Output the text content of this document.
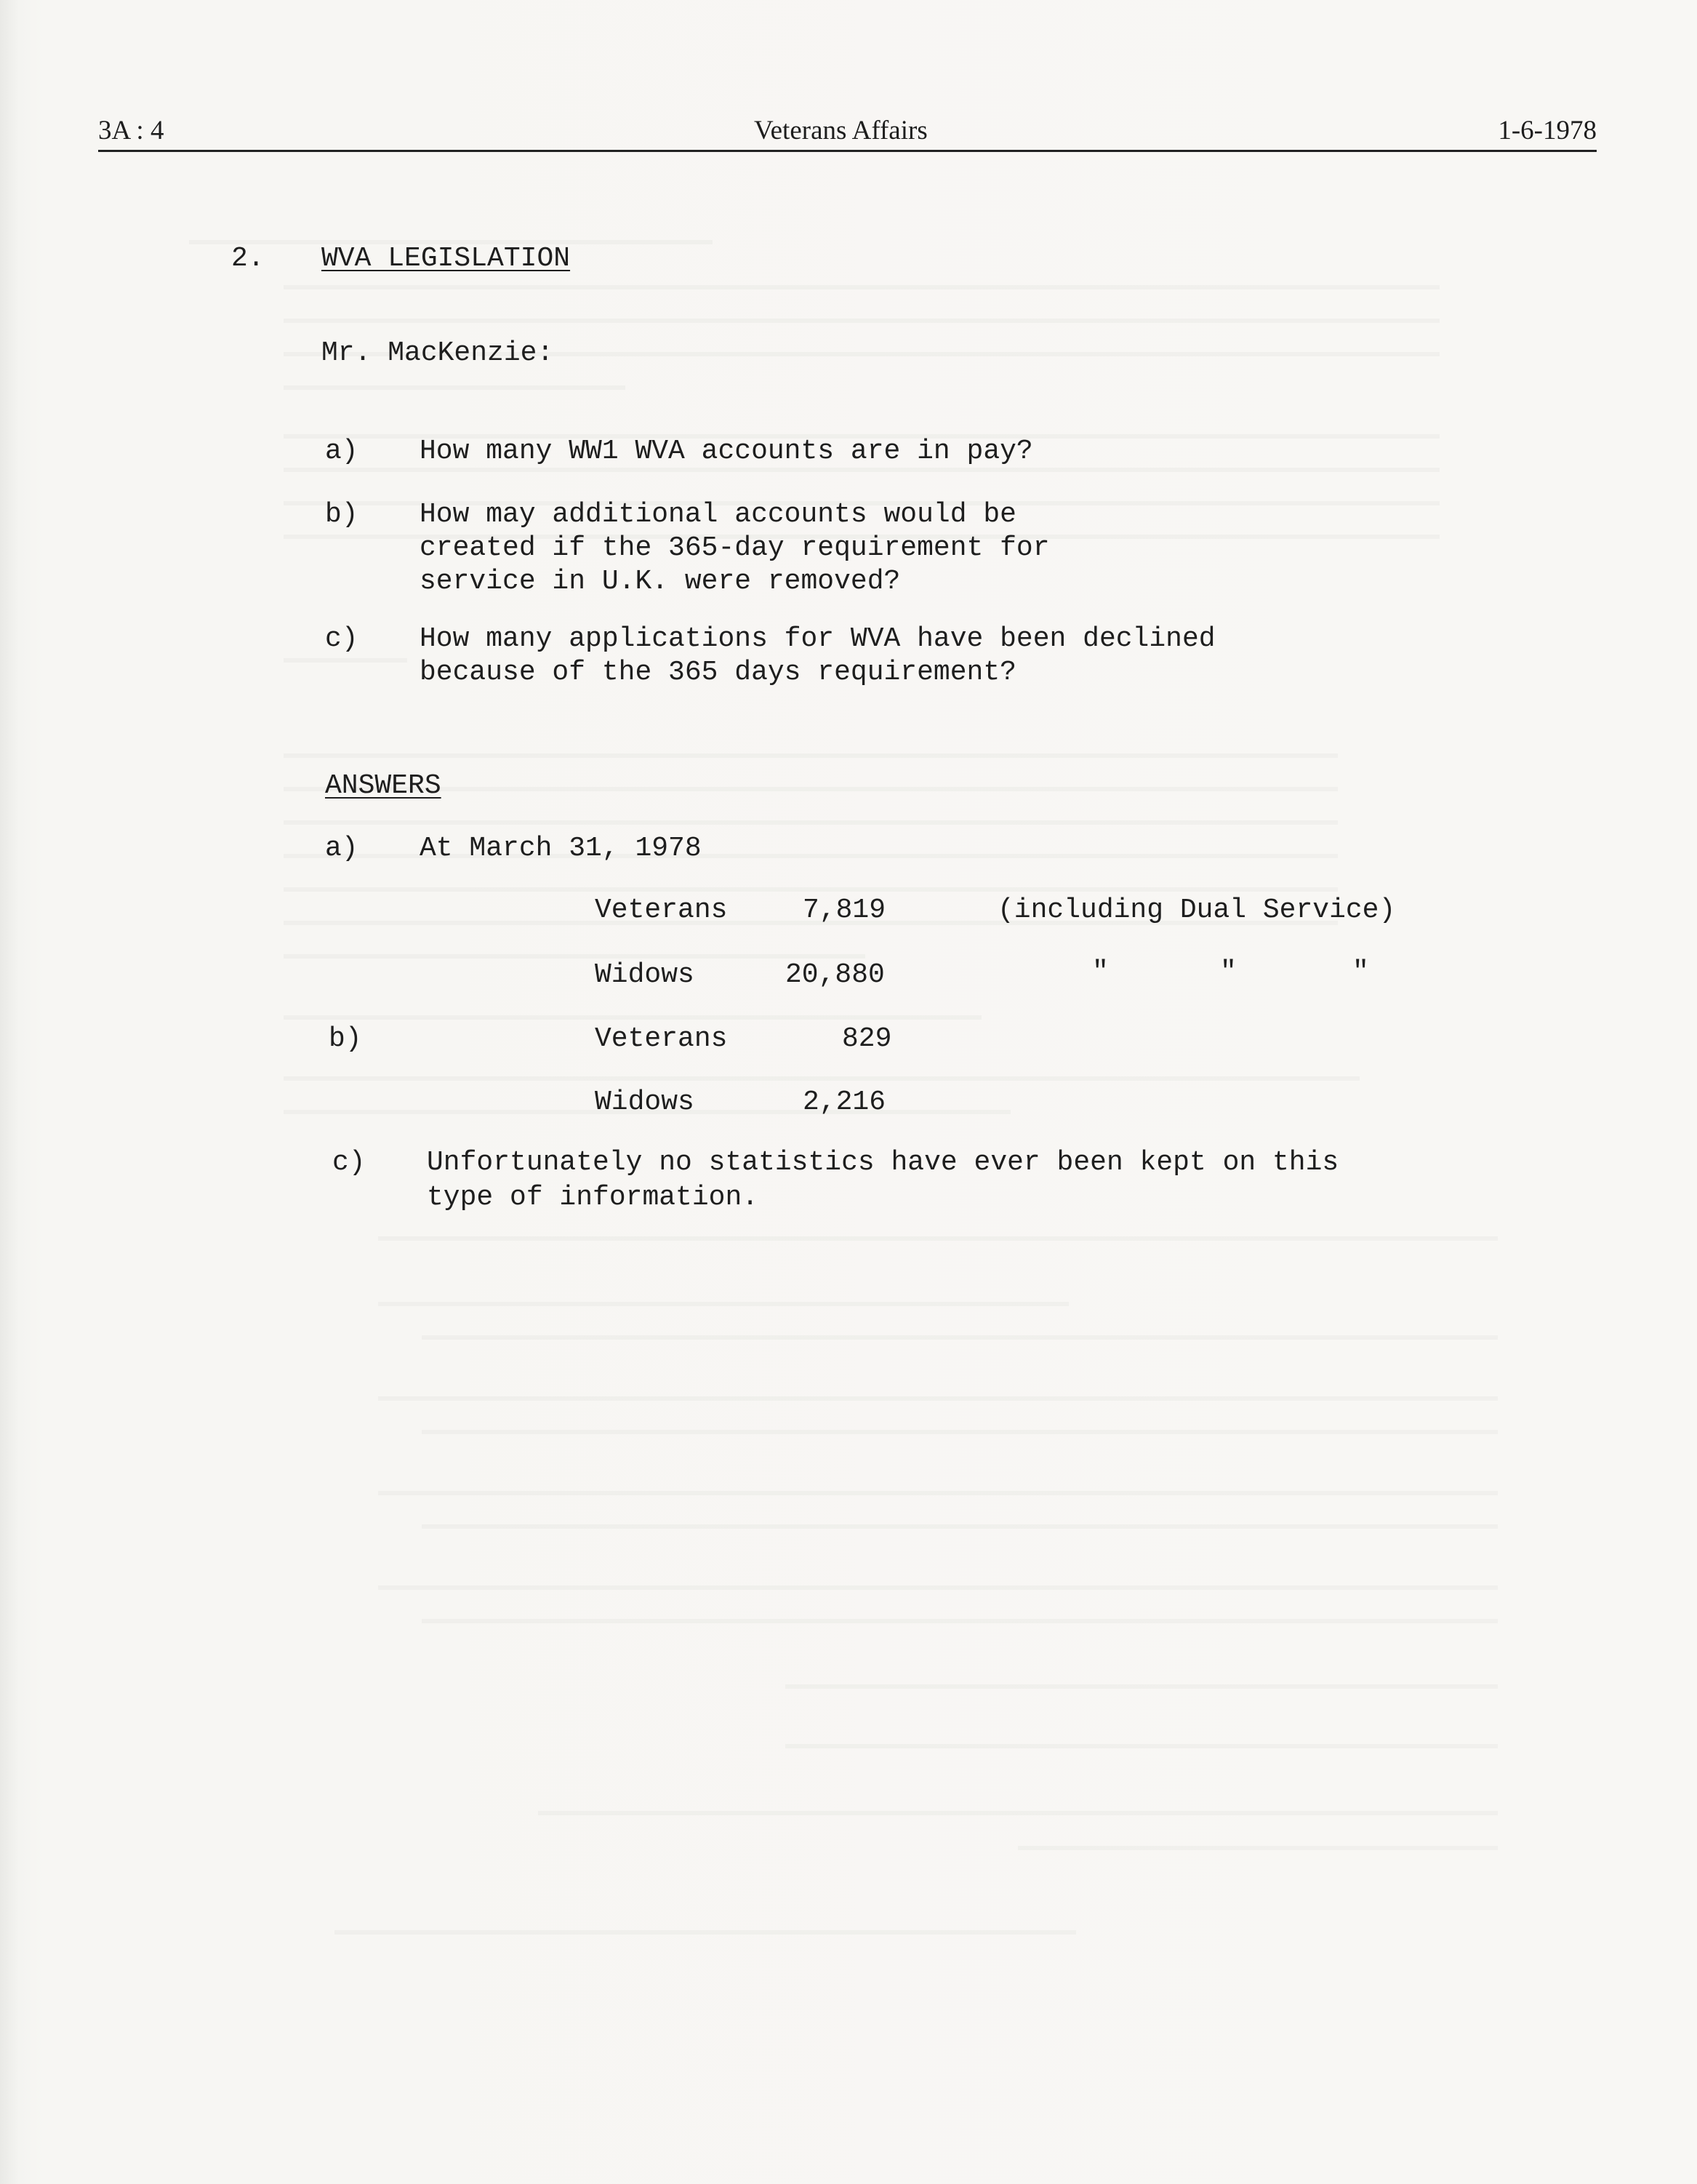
3A : 4	Veterans Affairs	1-6-1978
2. WVA LEGISLATION
Mr. MacKenzie:
a) How many WW1 WVA accounts are in pay?
b) How may additional accounts would be
created if the 365-day requirement for
service in U.K. were removed?
c) How many applications for WVA have been declined
because of the 365 days requirement?
ANSWERS
a) At March 31, 1978
Veterans	7,819	(including Dual Service)
Widows	20,880	"	"	"
b)	Veterans	829
Widows	2,216
c) Unfortunately no statistics have ever been kept on this
type of information.
